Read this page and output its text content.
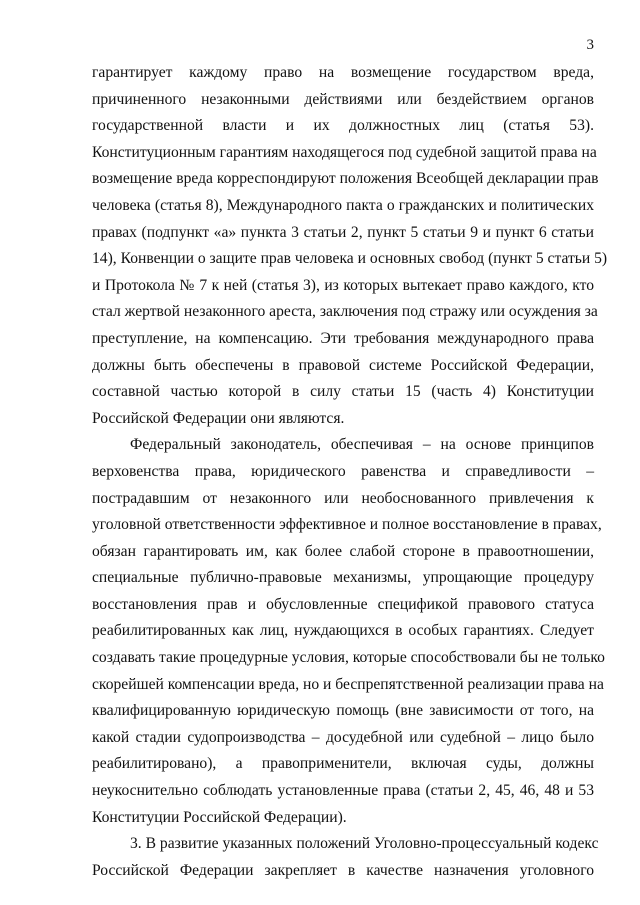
3

гарантирует каждому право на возмещение государством вреда,
причиненного незаконными действиями или бездействием органов
государственной власти и их должностных лиц (статья 53).
Конституционным гарантиям находящегося под судебной защитой права на
возмещение вреда корреспондируют положения Всеобщей декларации прав
человека (статья 8), Международного пакта о гражданских и политических
правах (подпункт «а» пункта 3 статьи 2, пункт 5 статьи 9 и пункт 6 статьи
14), Конвенции о защите прав человека и основных свобод (пункт 5 статьи 5)
и Протокола № 7 к ней (статья 3), из которых вытекает право каждого, кто
стал жертвой незаконного ареста, заключения под стражу или осуждения за
преступление, на компенсацию. Эти требования международного права
должны быть обеспечены в правовой системе Российской Федерации,
составной частью которой в силу статьи 15 (часть 4) Конституции
Российской Федерации они являются.

Федеральный законодатель, обеспечивая – на основе принципов
верховенства права, юридического равенства и справедливости –
пострадавшим от незаконного или необоснованного привлечения к
уголовной ответственности эффективное и полное восстановление в правах,
обязан гарантировать им, как более слабой стороне в правоотношении,
специальные публично-правовые механизмы, упрощающие процедуру
восстановления прав и обусловленные спецификой правового статуса
реабилитированных как лиц, нуждающихся в особых гарантиях. Следует
создавать такие процедурные условия, которые способствовали бы не только
скорейшей компенсации вреда, но и беспрепятственной реализации права на
квалифицированную юридическую помощь (вне зависимости от того, на
какой стадии судопроизводства – досудебной или судебной – лицо было
реабилитировано), а правоприменители, включая суды, должны
неукоснительно соблюдать установленные права (статьи 2, 45, 46, 48 и 53
Конституции Российской Федерации).

3. В развитие указанных положений Уголовно-процессуальный кодекс
Российской Федерации закрепляет в качестве назначения уголовного
